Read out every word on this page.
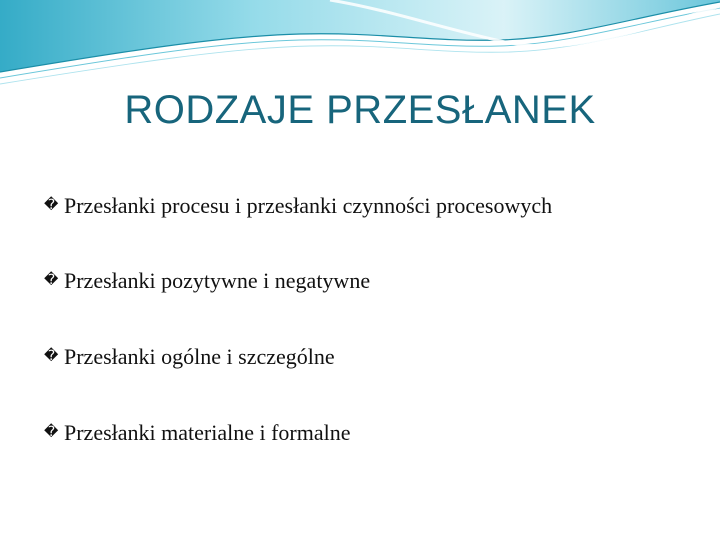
RODZAJE PRZESŁANEK
� Przesłanki procesu i przesłanki czynności procesowych
� Przesłanki pozytywne i negatywne
� Przesłanki ogólne i szczególne
� Przesłanki materialne i formalne
